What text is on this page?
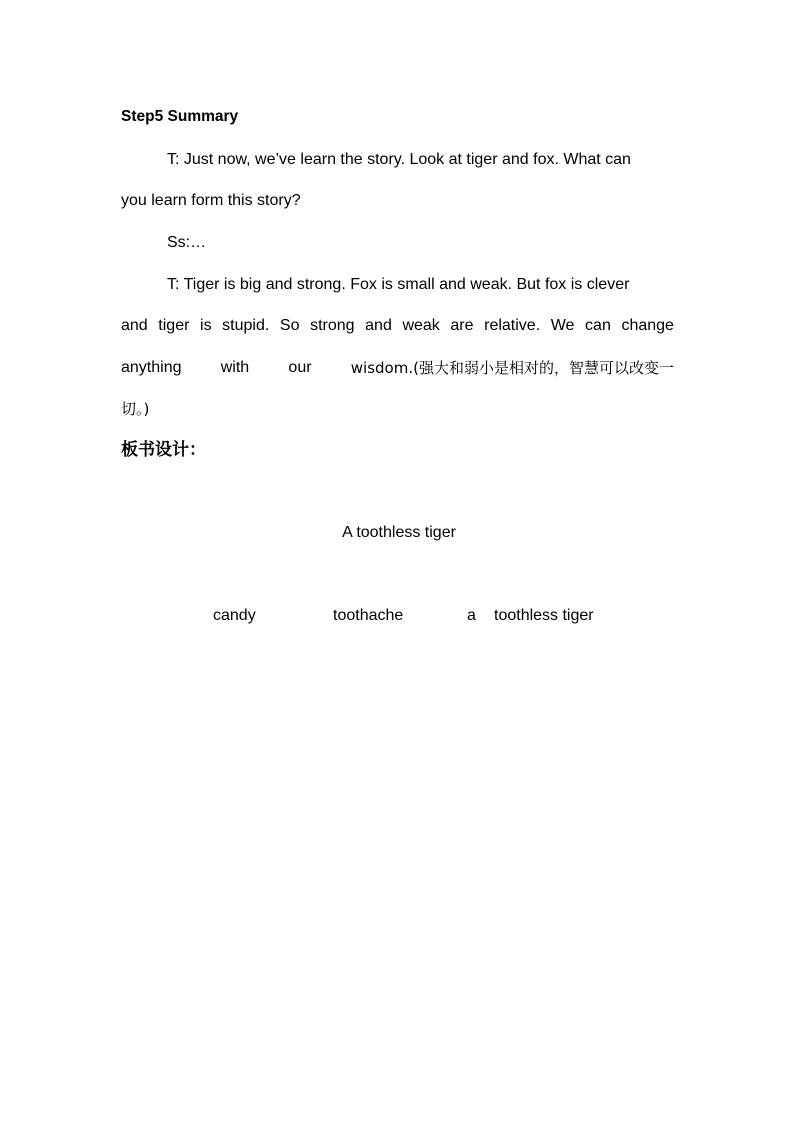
Step5 Summary
T: Just now, we’ve learn the story. Look at tiger and fox. What can
you learn form this story?
Ss:…
T: Tiger is big and strong. Fox is small and weak. But fox is clever
and tiger is stupid. So strong and weak are relative. We can change
anything with our	wisdom.(强大和弱小是相对的，智慧可以改变一
切。)
板书设计：
A toothless tiger
candy	toothache	a toothless tiger
